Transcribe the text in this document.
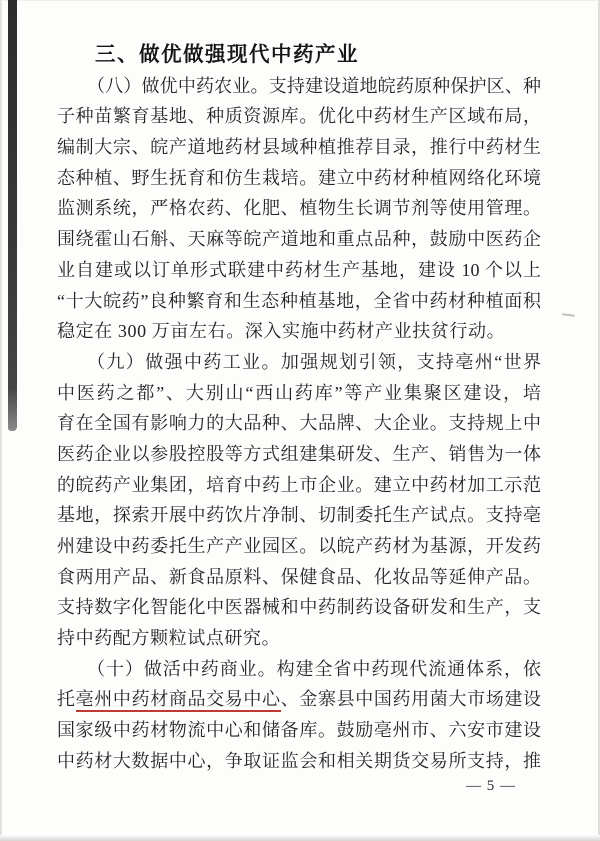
三、做优做强现代中药产业
（八）做优中药农业。支持建设道地皖药原种保护区、种
子种苗繁育基地、种质资源库。优化中药材生产区域布局，
编制大宗、皖产道地药材县域种植推荐目录，推行中药材生
态种植、野生抚育和仿生栽培。建立中药材种植网络化环境
监测系统，严格农药、化肥、植物生长调节剂等使用管理。
围绕霍山石斛、天麻等皖产道地和重点品种，鼓励中医药企
业自建或以订单形式联建中药材生产基地，建设 10 个以上
“十大皖药”良种繁育和生态种植基地，全省中药材种植面积
稳定在 300 万亩左右。深入实施中药材产业扶贫行动。
（九）做强中药工业。加强规划引领，支持亳州“世界
中医药之都”、大别山“西山药库”等产业集聚区建设，培
育在全国有影响力的大品种、大品牌、大企业。支持规上中
医药企业以参股控股等方式组建集研发、生产、销售为一体
的皖药产业集团，培育中药上市企业。建立中药材加工示范
基地，探索开展中药饮片净制、切制委托生产试点。支持亳
州建设中药委托生产产业园区。以皖产药材为基源，开发药
食两用产品、新食品原料、保健食品、化妆品等延伸产品。
支持数字化智能化中医器械和中药制药设备研发和生产，支
持中药配方颗粒试点研究。
（十）做活中药商业。构建全省中药现代流通体系，依
托亳州中药材商品交易中心、金寨县中国药用菌大市场建设
国家级中药材物流中心和储备库。鼓励亳州市、六安市建设
中药材大数据中心，争取证监会和相关期货交易所支持，推
— 5 —
